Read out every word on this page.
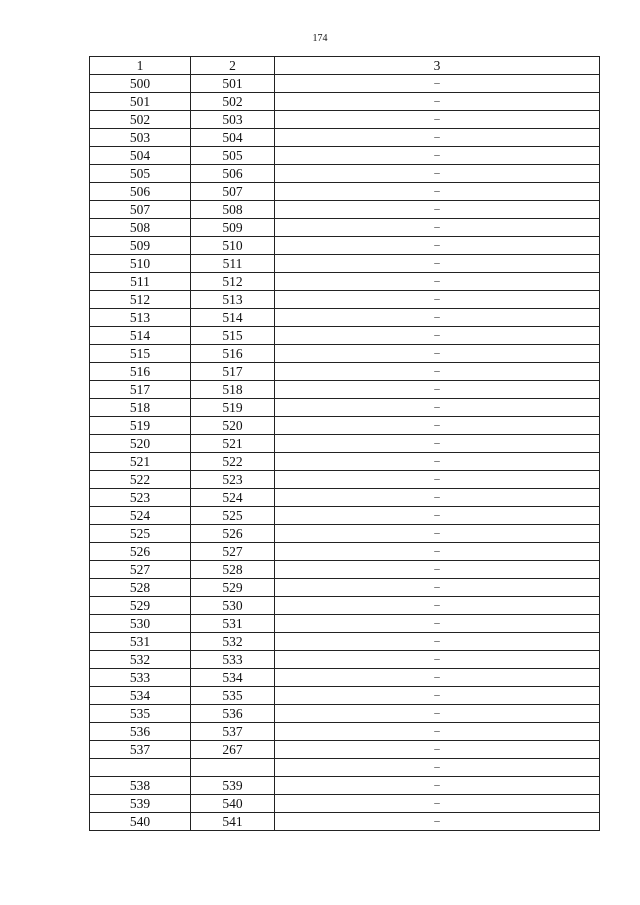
174
1	2	3
500	501	–
501	502	–
502	503	–
503	504	–
504	505	–
505	506	–
506	507	–
507	508	–
508	509	–
509	510	–
510	511	–
511	512	–
512	513	–
513	514	–
514	515	–
515	516	–
516	517	–
517	518	–
518	519	–
519	520	–
520	521	–
521	522	–
522	523	–
523	524	–
524	525	–
525	526	–
526	527	–
527	528	–
528	529	–
529	530	–
530	531	–
531	532	–
532	533	–
533	534	–
534	535	–
535	536	–
536	537	–
537	267	–
		–
538	539	–
539	540	–
540	541	–
